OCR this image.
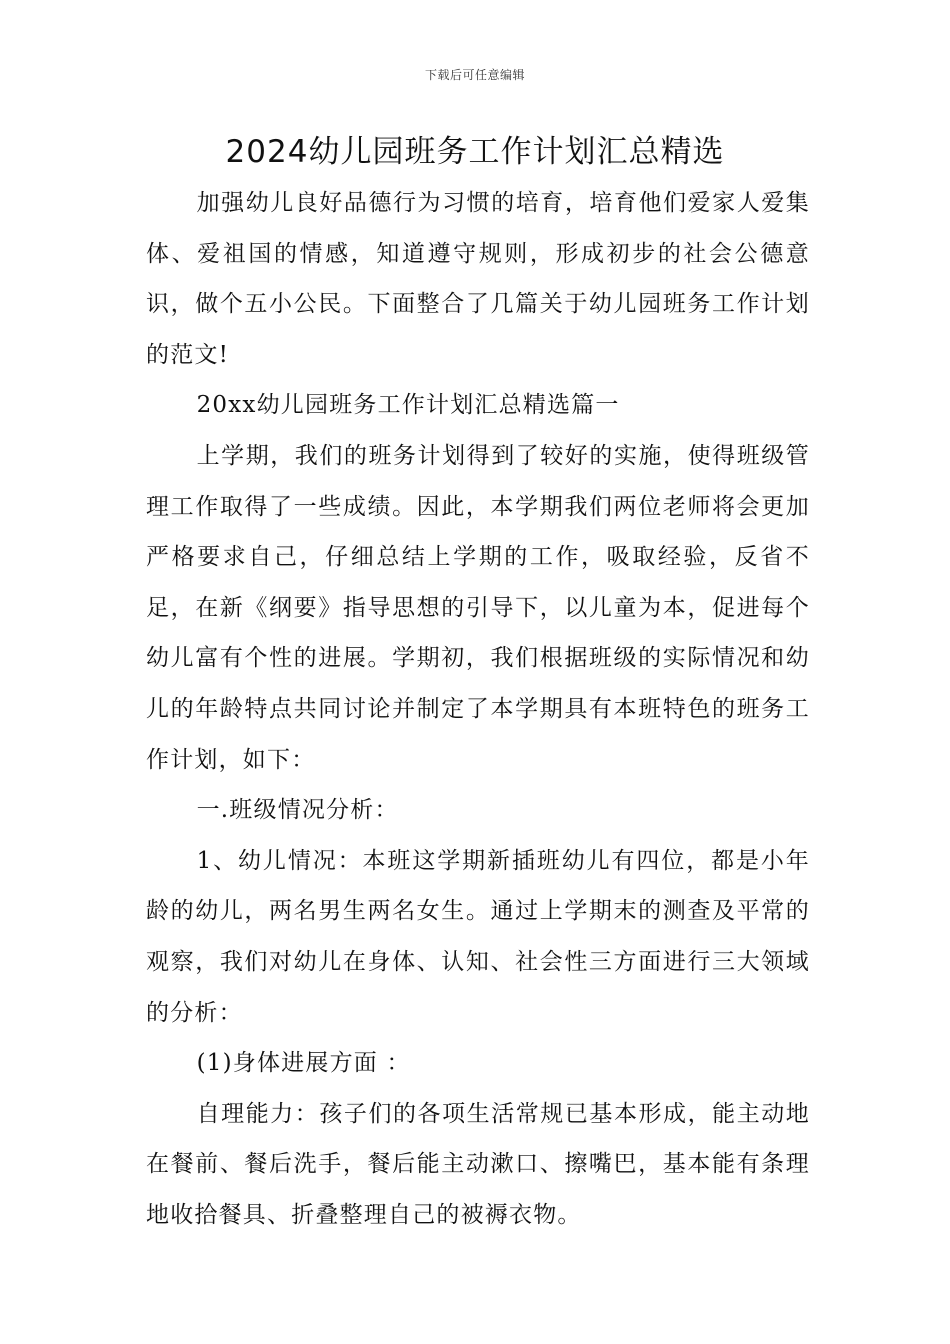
下载后可任意编辑
2024幼儿园班务工作计划汇总精选

加强幼儿良好品德行为习惯的培育，培育他们爱家人爱集体、爱祖国的情感，知道遵守规则，形成初步的社会公德意识，做个五小公民。下面整合了几篇关于幼儿园班务工作计划的范文!

20xx幼儿园班务工作计划汇总精选篇一

上学期，我们的班务计划得到了较好的实施，使得班级管理工作取得了一些成绩。因此，本学期我们两位老师将会更加严格要求自己，仔细总结上学期的工作，吸取经验，反省不足，在新《纲要》指导思想的引导下，以儿童为本，促进每个幼儿富有个性的进展。学期初，我们根据班级的实际情况和幼儿的年龄特点共同讨论并制定了本学期具有本班特色的班务工作计划，如下：

一.班级情况分析：

1、幼儿情况：本班这学期新插班幼儿有四位，都是小年龄的幼儿，两名男生两名女生。通过上学期末的测查及平常的观察，我们对幼儿在身体、认知、社会性三方面进行三大领域的分析：

(1)身体进展方面 ：

自理能力：孩子们的各项生活常规已基本形成，能主动地在餐前、餐后洗手，餐后能主动漱口、擦嘴巴，基本能有条理地收拾餐具、折叠整理自己的被褥衣物。
